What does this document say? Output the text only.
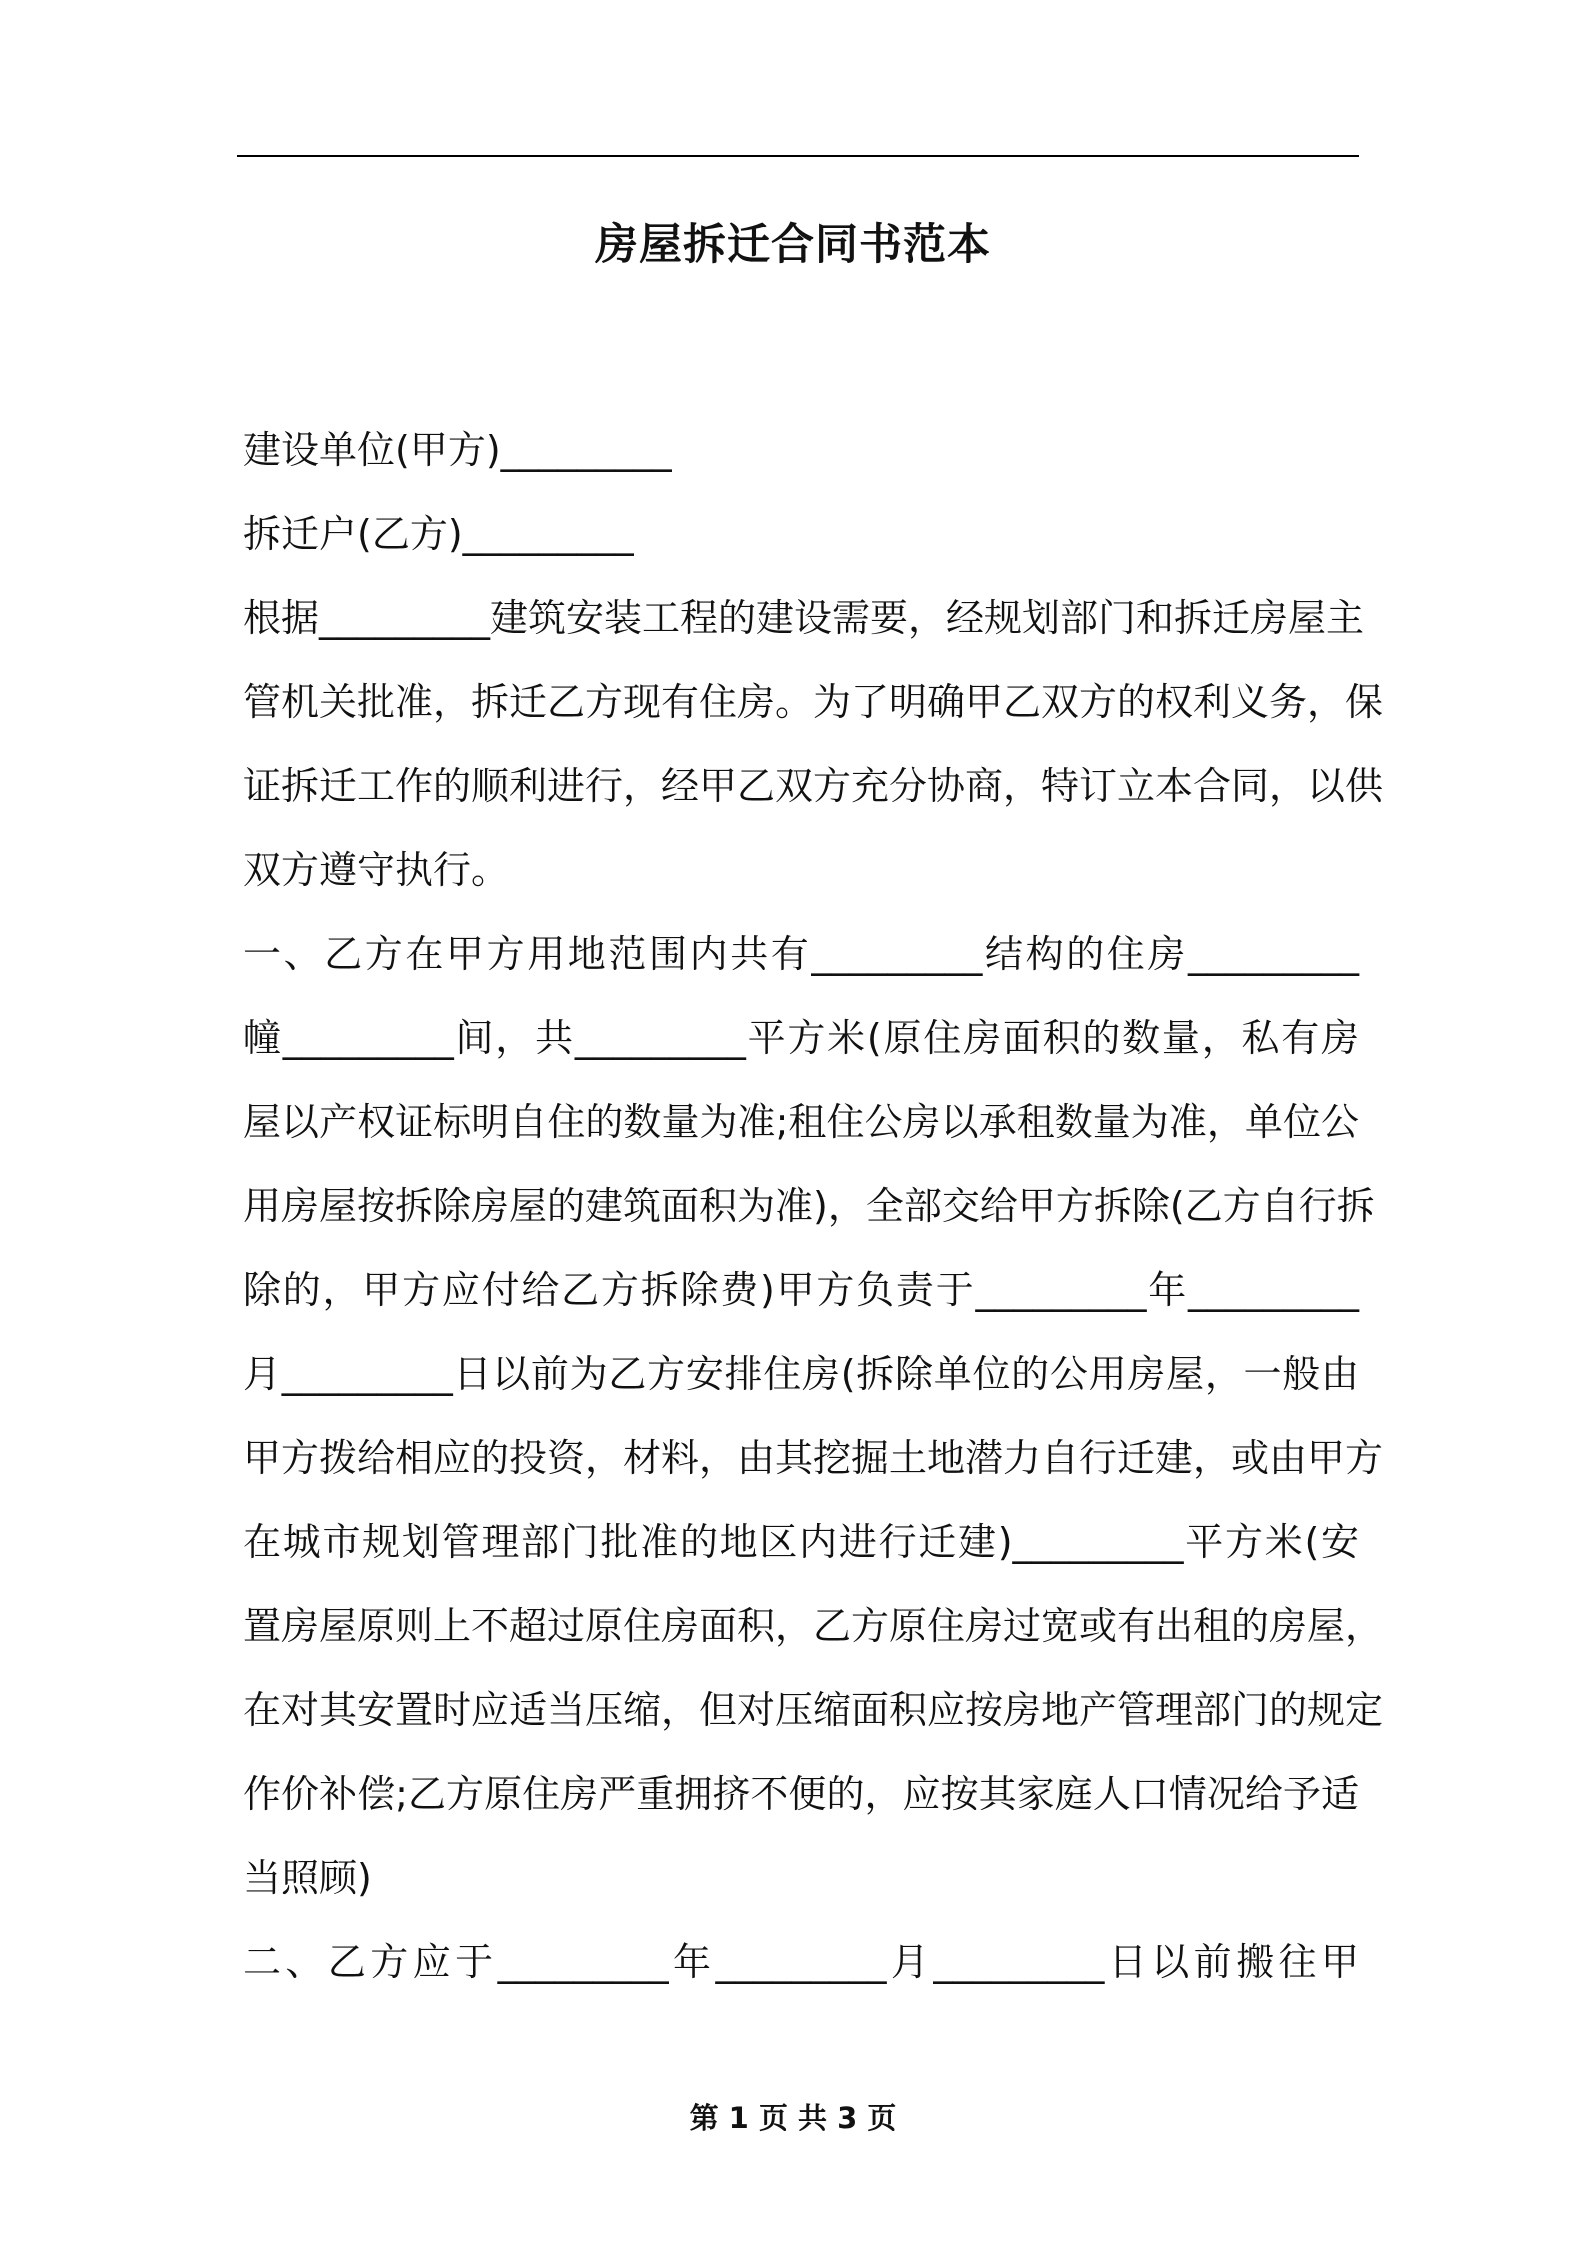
房屋拆迁合同书范本
建设单位(甲方)_________
拆迁户(乙方)_________
根据_________建筑安装工程的建设需要，经规划部门和拆迁房屋主
管机关批准，拆迁乙方现有住房。为了明确甲乙双方的权利义务，保
证拆迁工作的顺利进行，经甲乙双方充分协商，特订立本合同，以供
双方遵守执行。
一、乙方在甲方用地范围内共有_________结构的住房_________
幢_________间，共_________平方米(原住房面积的数量，私有房
屋以产权证标明自住的数量为准;租住公房以承租数量为准，单位公
用房屋按拆除房屋的建筑面积为准)，全部交给甲方拆除(乙方自行拆
除的，甲方应付给乙方拆除费)甲方负责于_________年_________
月_________日以前为乙方安排住房(拆除单位的公用房屋，一般由
甲方拨给相应的投资，材料，由其挖掘土地潜力自行迁建，或由甲方
在城市规划管理部门批准的地区内进行迁建)_________平方米(安
置房屋原则上不超过原住房面积，乙方原住房过宽或有出租的房屋，
在对其安置时应适当压缩，但对压缩面积应按房地产管理部门的规定
作价补偿;乙方原住房严重拥挤不便的，应按其家庭人口情况给予适
当照顾)
二、乙方应于_________年_________月_________日以前搬往甲
第 1 页 共 3 页
